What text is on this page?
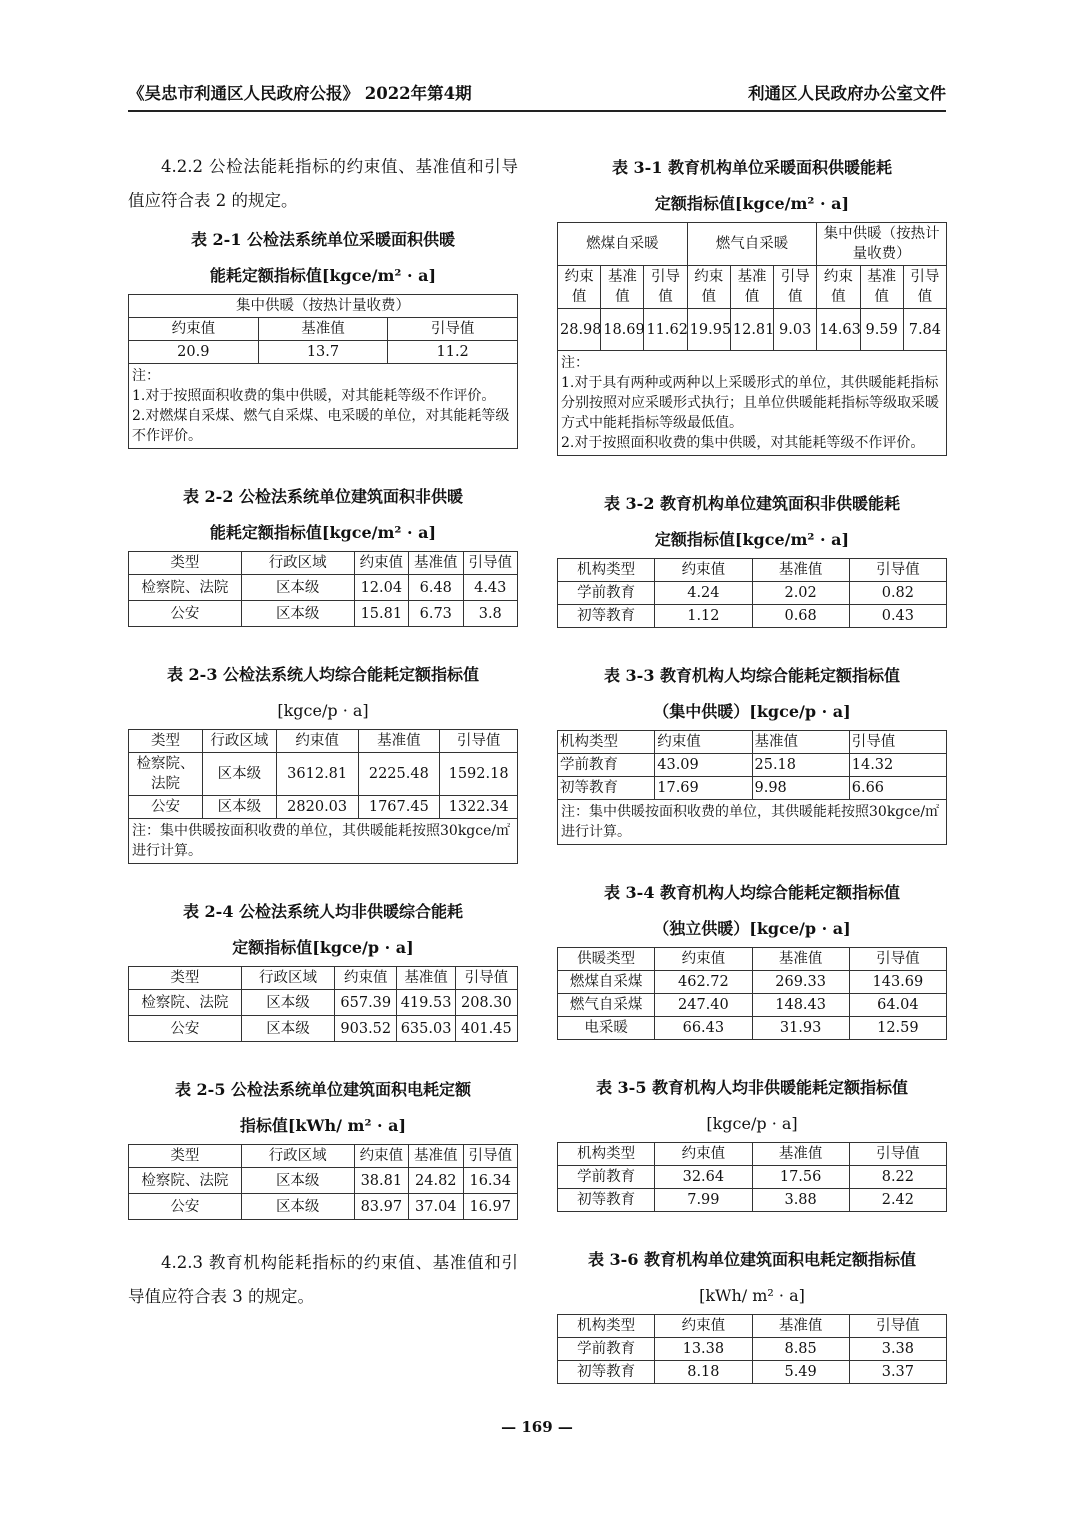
《吴忠市利通区人民政府公报》 2022年第4期	利通区人民政府办公室文件

4.2.2 公检法能耗指标的约束值、基准值和引导值应符合表 2 的规定。

表 2-1 公检法系统单位采暖面积供暖

能耗定额指标值[kgce/m² · a]

集中供暖（按热计量收费）		
约束值	基准值	引导值
20.9	13.7	11.2

注：
1.对于按照面积收费的集中供暖，对其能耗等级不作评价。
2.对燃煤自采煤、燃气自采煤、电采暖的单位，对其能耗等级不作评价。		

表 2-2 公检法系统单位建筑面积非供暖

能耗定额指标值[kgce/m² · a]

类型	行政区域	约束值	基准值	引导值
检察院、法院	区本级	12.04	6.48	4.43
公安	区本级	15.81	6.73	3.8

表 2-3 公检法系统人均综合能耗定额指标值

[kgce/p · a]

类型	行政区域	约束值	基准值	引导值
检察院、法院	区本级	3612.81	2225.48	1592.18
公安	区本级	2820.03	1767.45	1322.34
注：集中供暖按面积收费的单位，其供暖能耗按照30kgce/㎡进行计算。				

表 2-4 公检法系统人均非供暖综合能耗

定额指标值[kgce/p · a]

类型	行政区域	约束值	基准值	引导值
检察院、法院	区本级	657.39	419.53	208.30
公安	区本级	903.52	635.03	401.45

表 2-5 公检法系统单位建筑面积电耗定额

指标值[kWh/ m² · a]

类型	行政区域	约束值	基准值	引导值
检察院、法院	区本级	38.81	24.82	16.34
公安	区本级	83.97	37.04	16.97

4.2.3 教育机构能耗指标的约束值、基准值和引导值应符合表 3 的规定。

表 3-1 教育机构单位采暖面积供暖能耗

定额指标值[kgce/m² · a]

燃煤自采暖			燃气自采暖			集中供暖（按热计量收费）		
约束值	基准值	引导值	约束值	基准值	引导值	约束值	基准值	引导值
28.98	18.69	11.62	19.95	12.81	9.03	14.63	9.59	7.84

注：
1.对于具有两种或两种以上采暖形式的单位，其供暖能耗指标分别按照对应采暖形式执行；且单位供暖能耗指标等级取采暖方式中能耗指标等级最低值。
2.对于按照面积收费的集中供暖，对其能耗等级不作评价。								

表 3-2 教育机构单位建筑面积非供暖能耗

定额指标值[kgce/m² · a]

机构类型	约束值	基准值	引导值
学前教育	4.24	2.02	0.82
初等教育	1.12	0.68	0.43

表 3-3 教育机构人均综合能耗定额指标值

（集中供暖）[kgce/p · a]

机构类型	约束值	基准值	引导值
学前教育	43.09	25.18	14.32
初等教育	17.69	9.98	6.66
注：集中供暖按面积收费的单位，其供暖能耗按照30kgce/㎡进行计算。			

表 3-4 教育机构人均综合能耗定额指标值

（独立供暖）[kgce/p · a]

供暖类型	约束值	基准值	引导值
燃煤自采煤	462.72	269.33	143.69
燃气自采煤	247.40	148.43	64.04
电采暖	66.43	31.93	12.59

表 3-5 教育机构人均非供暖能耗定额指标值

[kgce/p · a]

机构类型	约束值	基准值	引导值
学前教育	32.64	17.56	8.22
初等教育	7.99	3.88	2.42

表 3-6 教育机构单位建筑面积电耗定额指标值

[kWh/ m² · a]

机构类型	约束值	基准值	引导值
学前教育	13.38	8.85	3.38
初等教育	8.18	5.49	3.37
— 169 —
